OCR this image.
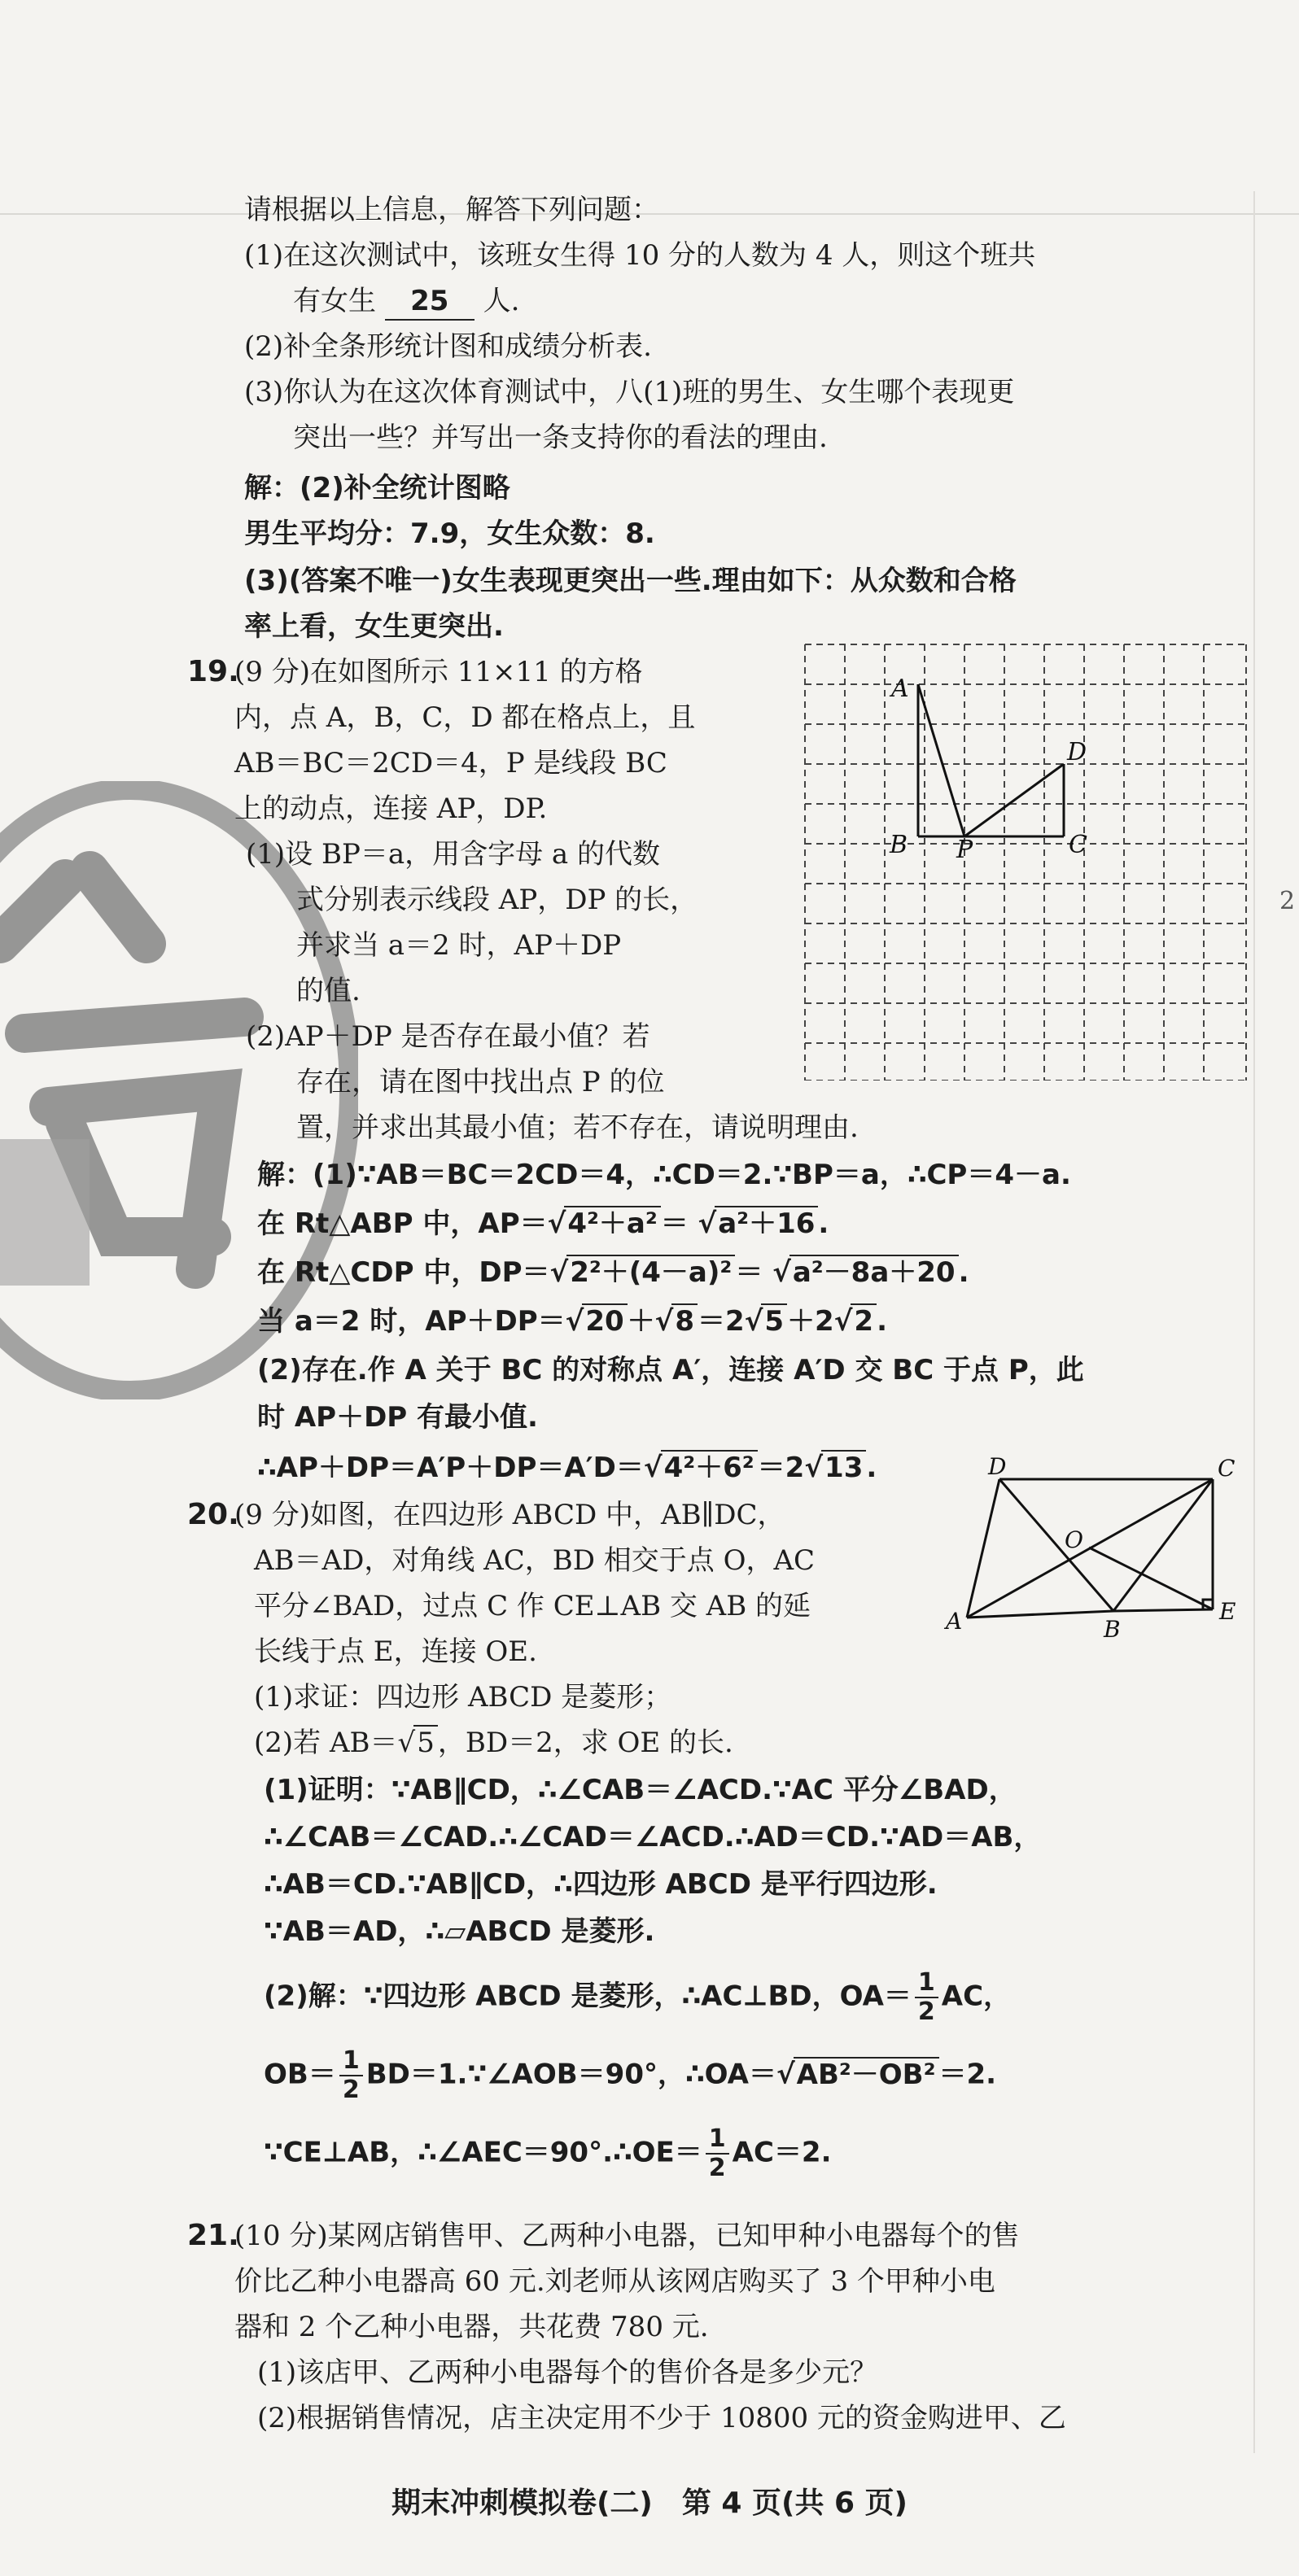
2
请根据以上信息，解答下列问题：
(1)在这次测试中，该班女生得 10 分的人数为 4 人，则这个班共
有女生 25 人.
(2)补全条形统计图和成绩分析表.
(3)你认为在这次体育测试中，八(1)班的男生、女生哪个表现更
突出一些？并写出一条支持你的看法的理由.
解：(2)补全统计图略
男生平均分：7.9，女生众数：8.
(3)(答案不唯一)女生表现更突出一些.理由如下：从众数和合格
率上看，女生更突出.
19.
(9 分)在如图所示 11×11 的方格
内，点 A，B，C，D 都在格点上，且
AB＝BC＝2CD＝4，P 是线段 BC
上的动点，连接 AP，DP.
(1)设 BP＝a，用含字母 a 的代数
式分别表示线段 AP，DP 的长，
并求当 a＝2 时，AP＋DP
的值.
(2)AP＋DP 是否存在最小值？若
存在，请在图中找出点 P 的位
置，并求出其最小值；若不存在，请说明理由.
解：(1)∵AB＝BC＝2CD＝4，∴CD＝2.∵BP＝a，∴CP＝4－a.
在 Rt△ABP 中，AP＝√4²＋a² ＝ √a²＋16 .
在 Rt△CDP 中，DP＝√2²＋(4－a)² ＝ √a²－8a＋20 .
当 a＝2 时，AP＋DP＝√20 ＋√8 ＝2√5 ＋2√2 .
(2)存在.作 A 关于 BC 的对称点 A′，连接 A′D 交 BC 于点 P，此
时 AP＋DP 有最小值.
∴AP＋DP＝A′P＋DP＝A′D＝√4²＋6² ＝2√13 .
20.
(9 分)如图，在四边形 ABCD 中，AB∥DC，
AB＝AD，对角线 AC，BD 相交于点 O，AC
平分∠BAD，过点 C 作 CE⊥AB 交 AB 的延
长线于点 E，连接 OE.
(1)求证：四边形 ABCD 是菱形；
(2)若 AB＝√5 ，BD＝2，求 OE 的长.
(1)证明：∵AB∥CD，∴∠CAB＝∠ACD.∵AC 平分∠BAD，
∴∠CAB＝∠CAD.∴∠CAD＝∠ACD.∴AD＝CD.∵AD＝AB，
∴AB＝CD.∵AB∥CD，∴四边形 ABCD 是平行四边形.
∵AB＝AD，∴▱ABCD 是菱形.
(2)解：∵四边形 ABCD 是菱形，∴AC⊥BD，$OA= \frac{1}{2}$ AC，
$OB= \frac{1}{2}$ BD＝1.∵∠AOB＝90°，∴OA＝√AB²－OB² ＝2.
∵CE⊥AB，∴∠AEC＝90°.∴OE＝ $\frac{1}{2} AC=2$.
21.
(10 分)某网店销售甲、乙两种小电器，已知甲种小电器每个的售
价比乙种小电器高 60 元.刘老师从该网店购买了 3 个甲种小电
器和 2 个乙种小电器，共花费 780 元.
(1)该店甲、乙两种小电器每个的售价各是多少元？
(2)根据销售情况，店主决定用不少于 10800 元的资金购进甲、乙
A
B	C
D
P
D	C
O
A	B
E
期末冲刺模拟卷(二)　第 4 页(共 6 页)
